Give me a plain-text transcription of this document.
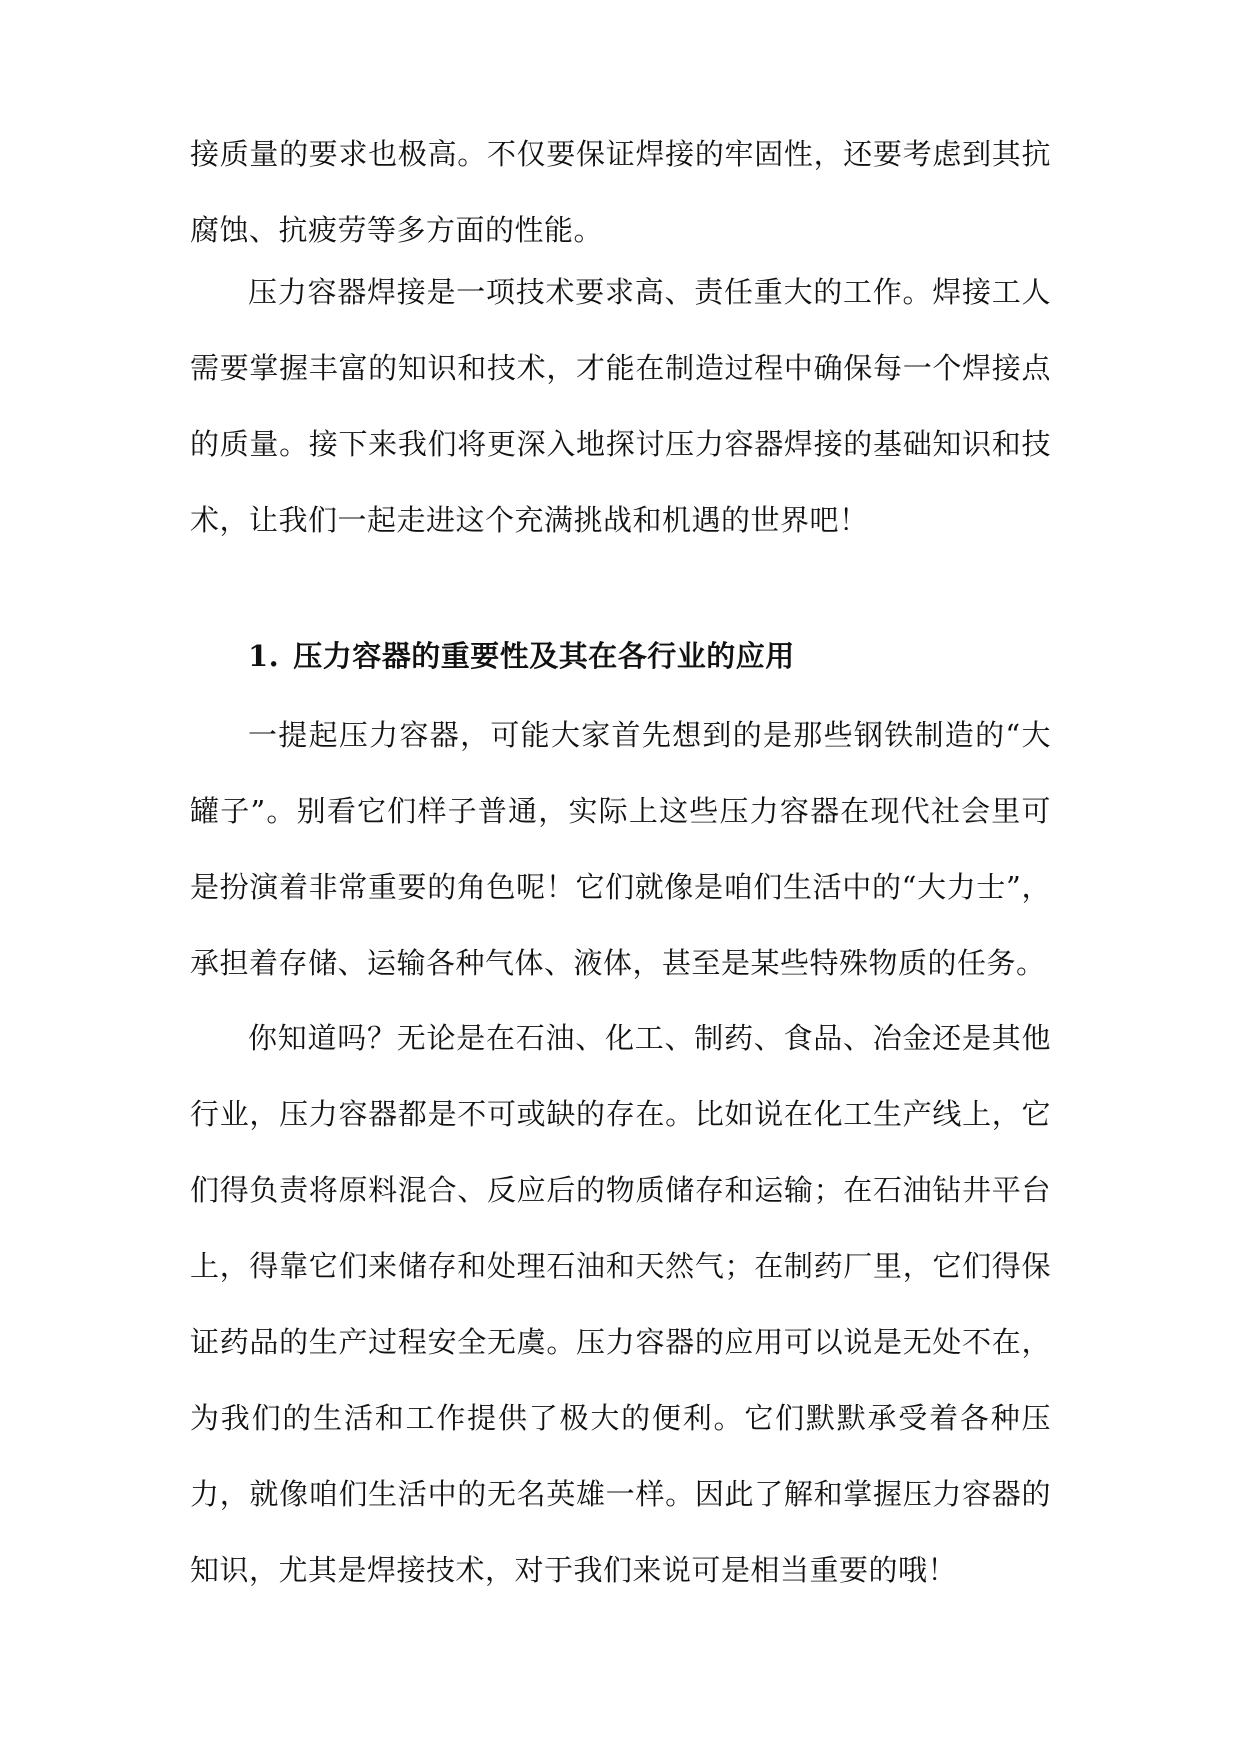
接质量的要求也极高。不仅要保证焊接的牢固性，还要考虑到其抗腐蚀、抗疲劳等多方面的性能。

压力容器焊接是一项技术要求高、责任重大的工作。焊接工人需要掌握丰富的知识和技术，才能在制造过程中确保每一个焊接点的质量。接下来我们将更深入地探讨压力容器焊接的基础知识和技术，让我们一起走进这个充满挑战和机遇的世界吧！

1. 压力容器的重要性及其在各行业的应用

一提起压力容器，可能大家首先想到的是那些钢铁制造的“大罐子”。别看它们样子普通，实际上这些压力容器在现代社会里可是扮演着非常重要的角色呢！它们就像是咱们生活中的“大力士”，承担着存储、运输各种气体、液体，甚至是某些特殊物质的任务。

你知道吗？无论是在石油、化工、制药、食品、冶金还是其他行业，压力容器都是不可或缺的存在。比如说在化工生产线上，它们得负责将原料混合、反应后的物质储存和运输；在石油钻井平台上，得靠它们来储存和处理石油和天然气；在制药厂里，它们得保证药品的生产过程安全无虞。压力容器的应用可以说是无处不在，为我们的生活和工作提供了极大的便利。它们默默承受着各种压力，就像咱们生活中的无名英雄一样。因此了解和掌握压力容器的知识，尤其是焊接技术，对于我们来说可是相当重要的哦！
